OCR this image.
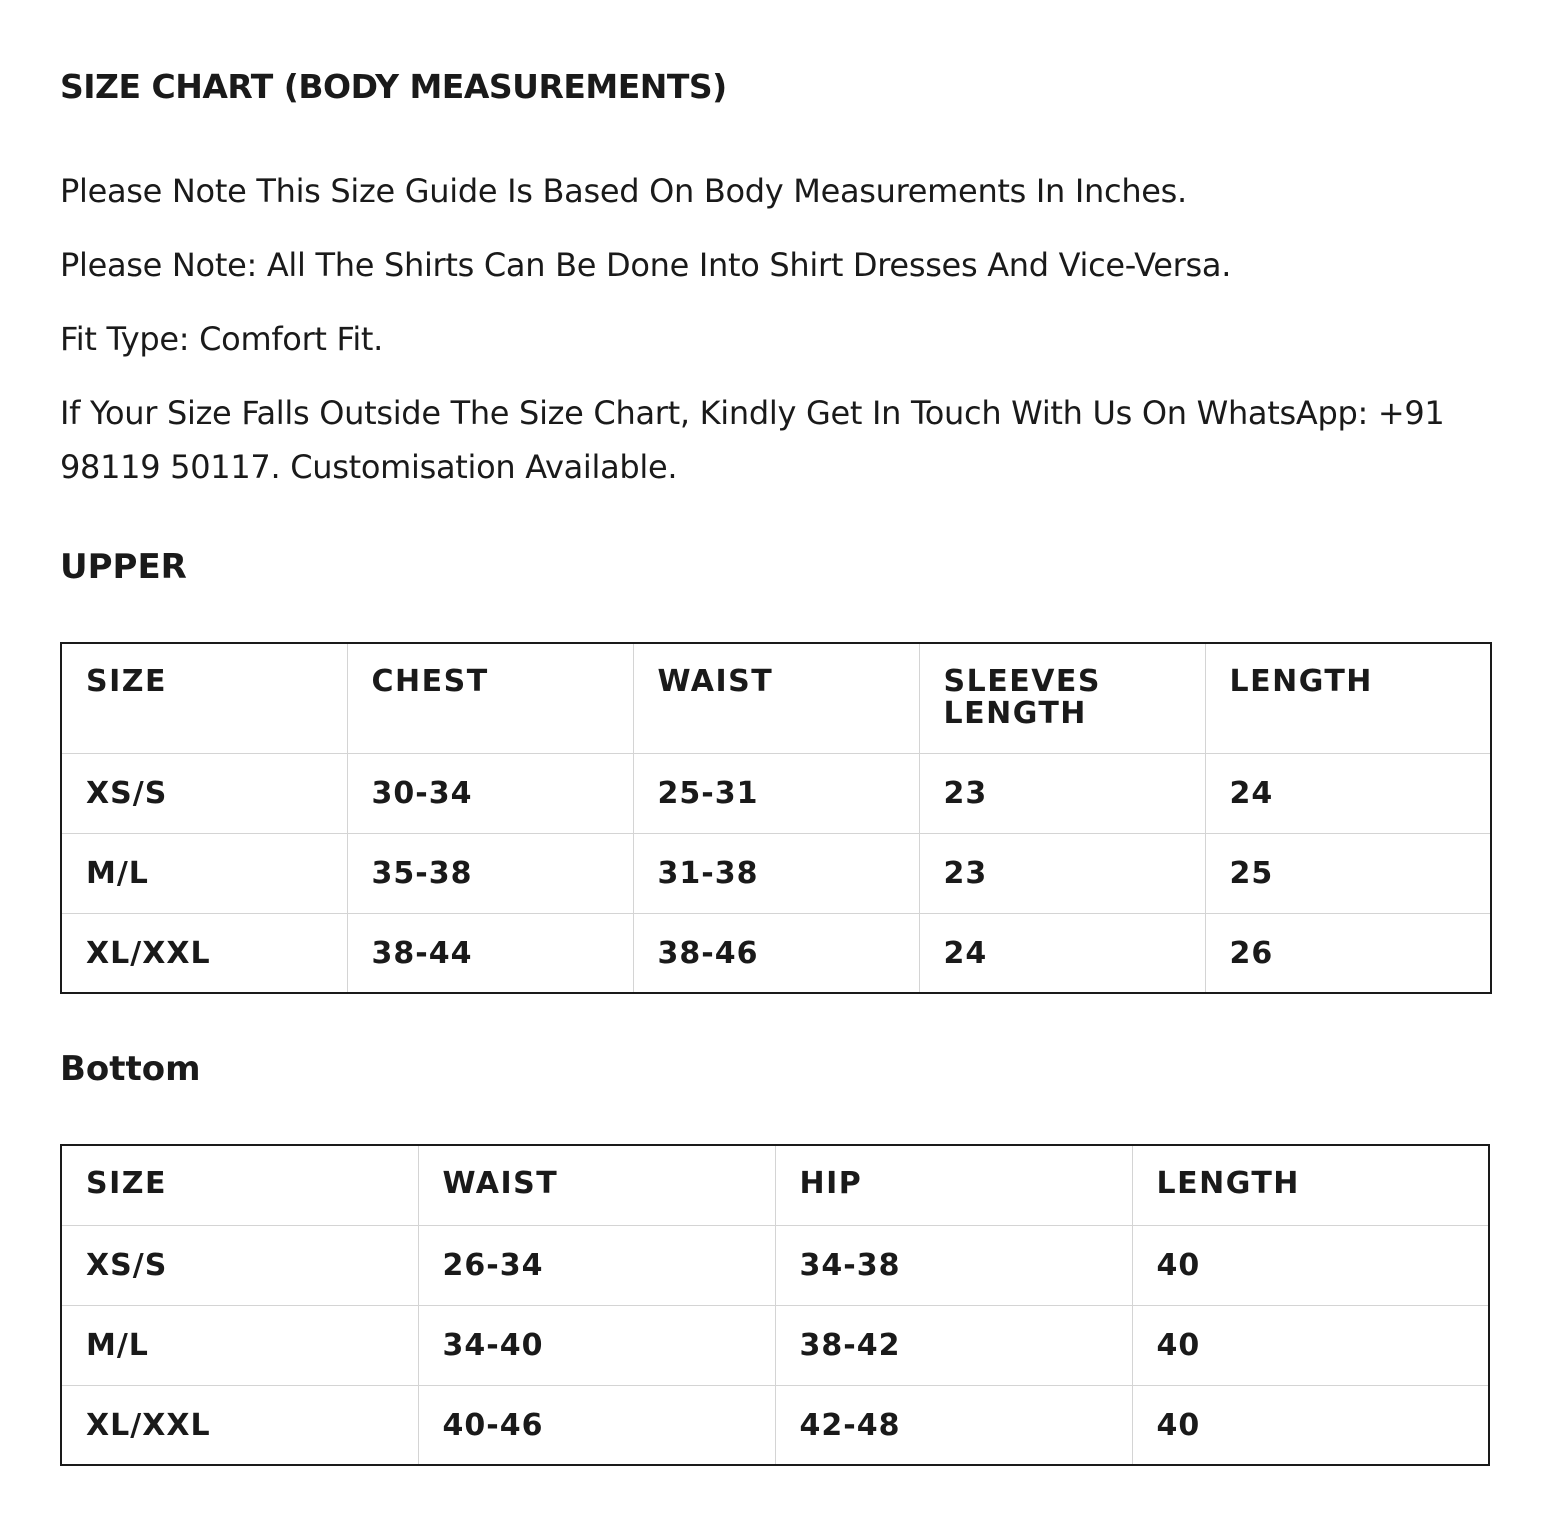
SIZE CHART (BODY MEASUREMENTS)

Please Note This Size Guide Is Based On Body Measurements In Inches.

Please Note: All The Shirts Can Be Done Into Shirt Dresses And Vice-Versa.

Fit Type: Comfort Fit.

If Your Size Falls Outside The Size Chart, Kindly Get In Touch With Us On WhatsApp: +91 98119 50117. Customisation Available.

UPPER
SIZE	CHEST	WAIST	SLEEVES LENGTH	LENGTH
XS/S	30-34	25-31	23	24
M/L	35-38	31-38	23	25
XL/XXL	38-44	38-46	24	26
Bottom
SIZE	WAIST	HIP	LENGTH
XS/S	26-34	34-38	40
M/L	34-40	38-42	40
XL/XXL	40-46	42-48	40
